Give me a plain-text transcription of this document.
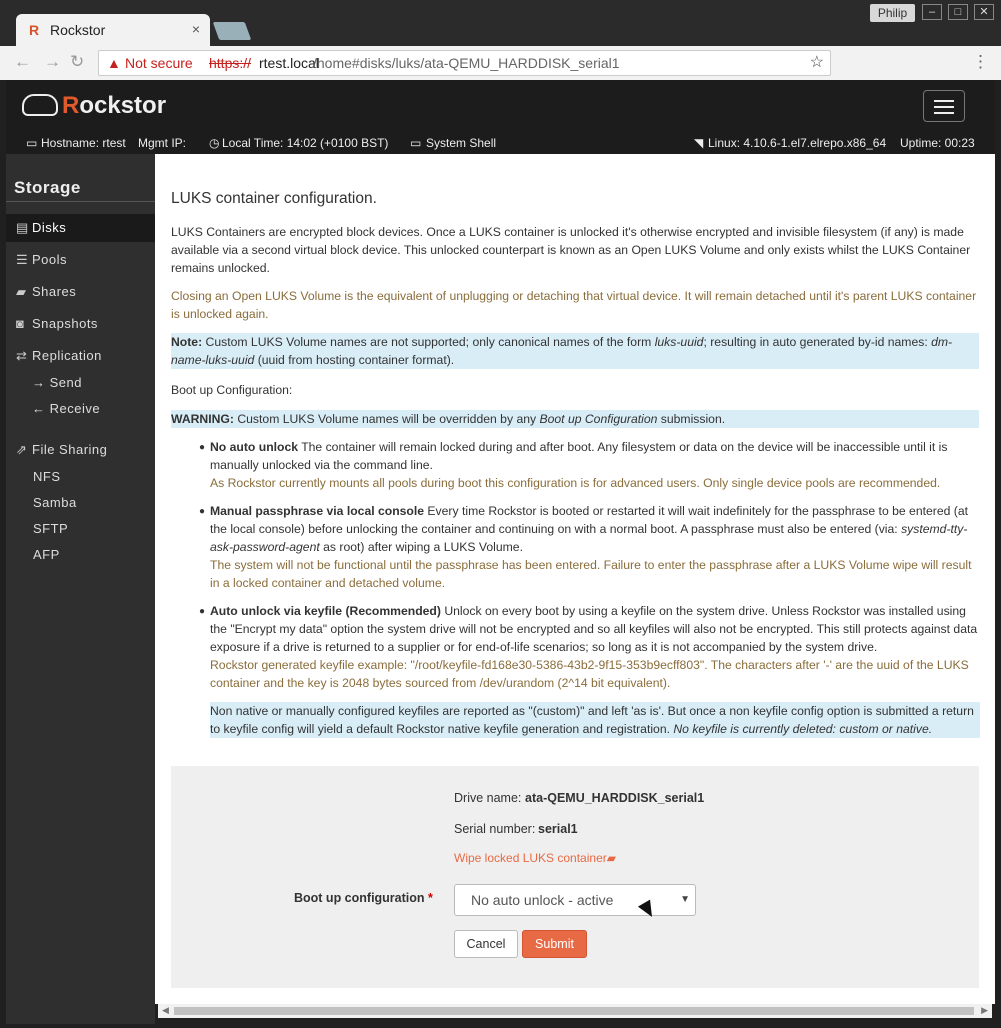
R Rockstor	×
Philip	–	□	✕
← → ↻ ▲ Not secure https:// rtest.local
/home#disks/luks/ata-QEMU_HARDDISK_serial1	☆	⋮
Rockstor
▭ Hostname: rtest Mgmt IP: ◷ Local Time: 14:02 (+0100 BST) ▭ System Shell	◥ Linux: 4.10.6-1.el7.elrepo.x86_64 Uptime: 00:23
Storage
▤ Disks
☰ Pools
▰ Shares
◙ Snapshots
⇄ Replication
→ Send
← Receive
⇗ File Sharing
NFS
Samba
SFTP
AFP
LUKS container configuration.
LUKS Containers are encrypted block devices. Once a LUKS container is unlocked it's otherwise encrypted and invisible filesystem (if any) is made available via a second virtual block device. This unlocked counterpart is known as an Open LUKS Volume and only exists whilst the LUKS Container remains unlocked.
Closing an Open LUKS Volume is the equivalent of unplugging or detaching that virtual device. It will remain detached until it's parent LUKS container is unlocked again.
Note: Custom LUKS Volume names are not supported; only canonical names of the form luks-uuid; resulting in auto generated by-id names: dm-name-luks-uuid (uuid from hosting container format).
Boot up Configuration:
WARNING: Custom LUKS Volume names will be overridden by any Boot up Configuration submission.
● No auto unlock The container will remain locked during and after boot. Any filesystem or data on the device will be inaccessible until it is manually unlocked via the command line.
As Rockstor currently mounts all pools during boot this configuration is for advanced users. Only single device pools are recommended.
● Manual passphrase via local console Every time Rockstor is booted or restarted it will wait indefinitely for the passphrase to be entered (at the local console) before unlocking the container and continuing on with a normal boot. A passphrase must also be entered (via: systemd-tty-ask-password-agent as root) after wiping a LUKS Volume.
The system will not be functional until the passphrase has been entered. Failure to enter the passphrase after a LUKS Volume wipe will result in a locked container and detached volume.
● Auto unlock via keyfile (Recommended) Unlock on every boot by using a keyfile on the system drive. Unless Rockstor was installed using the "Encrypt my data" option the system drive will not be encrypted and so all keyfiles will also not be encrypted. This still protects against data exposure if a drive is returned to a supplier or for end-of-life scenarios; so long as it is not accompanied by the system drive.
Rockstor generated keyfile example: "/root/keyfile-fd168e30-5386-43b2-9f15-353b9ecff803". The characters after '-' are the uuid of the LUKS container and the key is 2048 bytes sourced from /dev/urandom (2^14 bit equivalent).
Non native or manually configured keyfiles are reported as "(custom)" and left 'as is'. But once a non keyfile config option is submitted a return to keyfile config will yield a default Rockstor native keyfile generation and registration. No keyfile is currently deleted: custom or native.
Drive name: ata-QEMU_HARDDISK_serial1
Serial number: serial1
Wipe locked LUKS container▰
Boot up configuration *	No auto unlock - active	▼
Cancel	Submit
◀	▶
